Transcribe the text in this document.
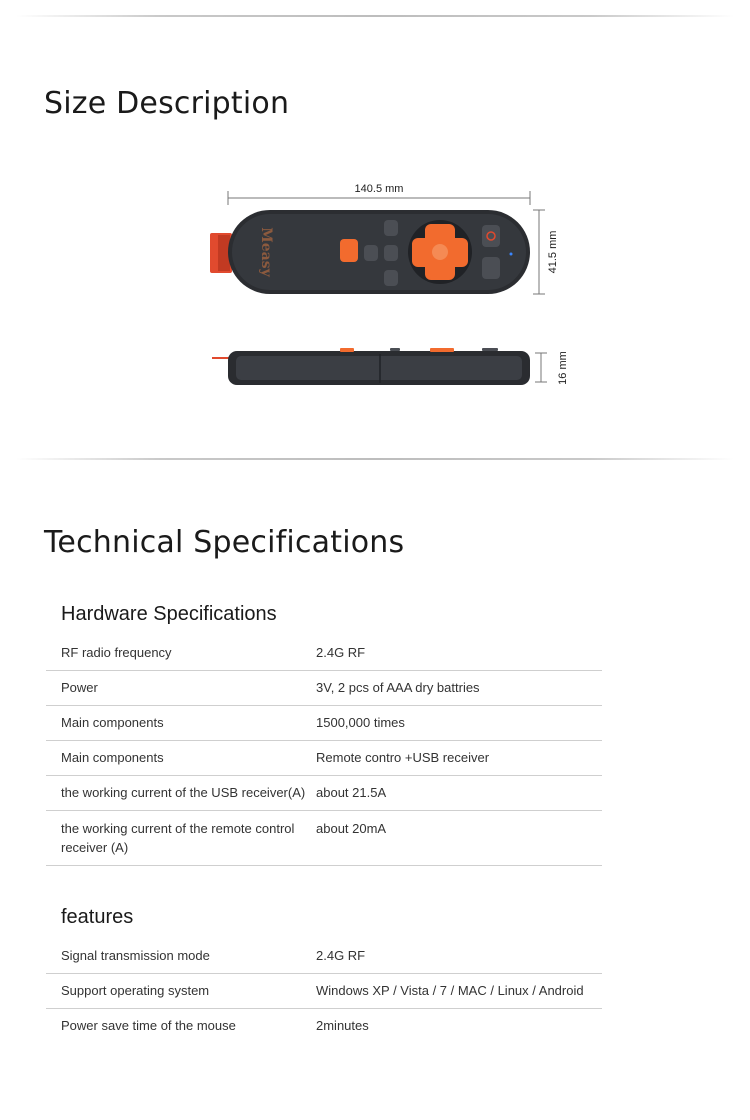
Size Description
140.5 mm
41.5 mm
16 mm
Measy
Technical Specifications
Hardware Specifications
RF radio frequency	2.4G RF
Power	3V, 2 pcs of AAA dry battries
Main components	1500,000 times
Main components	Remote contro +USB receiver
the working current of the USB receiver(A)	about 21.5A
the working current of the remote control receiver (A)	about 20mA
features
Signal transmission mode	2.4G RF
Support operating system	Windows XP / Vista / 7 / MAC / Linux / Android
Power save time of the mouse	2minutes
